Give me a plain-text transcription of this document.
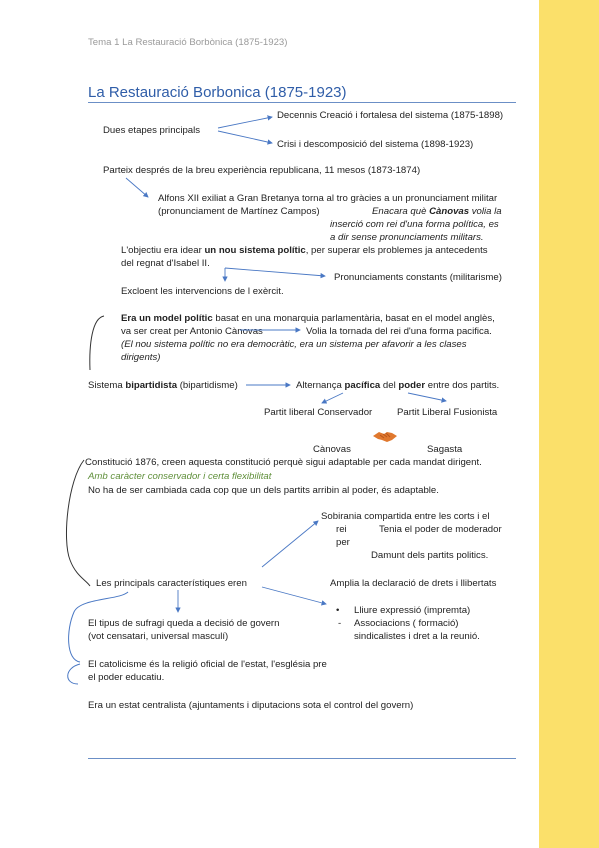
Tema 1 La Restauració Borbònica (1875-1923)
La Restauració Borbonica (1875-1923)
Dues etapes principals
Decennis Creació i fortalesa del sistema (1875-1898)
Crisi i descomposició del sistema (1898-1923)
Parteix després de la breu experiència republicana, 11 mesos (1873-1874)
Alfons XII exiliat a Gran Bretanya torna al tro gràcies a un pronunciament militar
(pronunciament de Martínez Campos)	Enacara què Cànovas volia la
inserció com rei d'una forma política, es
a dir sense pronunciaments militars.
L'objectiu era idear un nou sistema polític, per superar els problemes ja antecedents
del regnat d'Isabel II.
Pronunciaments constants (militarisme)
Excloent les intervencions de l exèrcit.
Era un model polític basat en una monarquia parlamentària, basat en el model anglès,
va ser creat per Antonio Cànovas	Volia la tornada del rei d'una forma pacifica.
(El nou sistema polític no era democràtic, era un sistema per afavorir a les clases
dirigents)
Sistema bipartidista (bipartidisme)	Alternança pacífica del poder entre dos partits.
Partit liberal Conservador	Partit Liberal Fusionista
Cànovas	Sagasta
Constitució 1876, creen aquesta constitució perquè sigui adaptable per cada mandat dirigent.
Amb caràcter conservador i certa flexibilitat
No ha de ser cambiada cada cop que un dels partits arribin al poder, és adaptable.
Sobirania compartida entre les corts i el
rei	Tenia el poder de moderador
per
Damunt dels partits politics.
Les principals característiques eren	Amplia la declaració de drets i llibertats
• Lliure expressió (impremta)
- Associacions ( formació)
sindicalistes i dret a la reunió.
El tipus de sufragi queda a decisió de govern
(vot censatari, universal masculí)
El catolicisme és la religió oficial de l'estat, l'església pre
el poder educatiu.
Era un estat centralista (ajuntaments i diputacions sota el control del govern)
